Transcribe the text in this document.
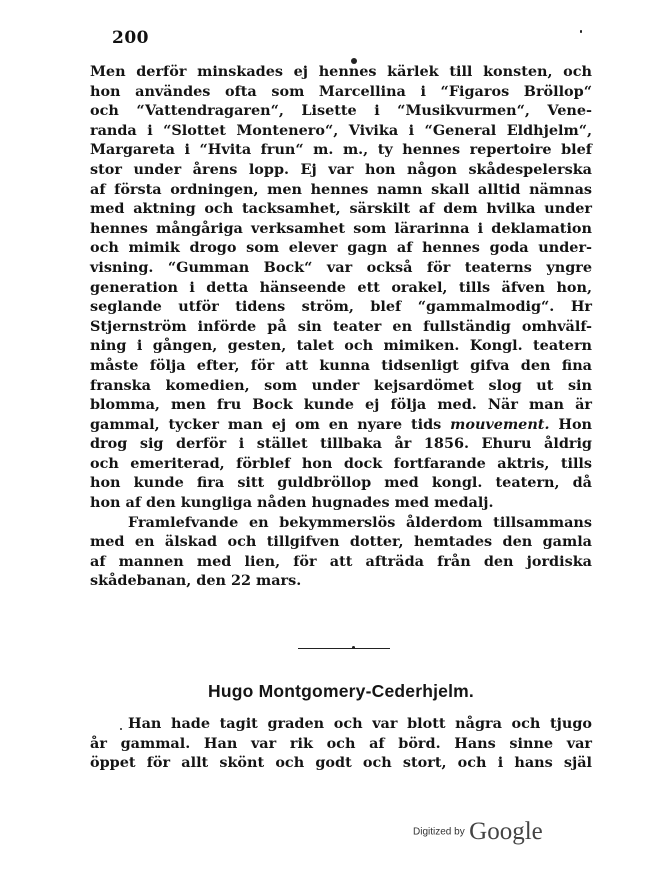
200
Men derför minskades ej hennes kärlek till konsten, och
hon användes ofta som Marcellina i “Figaros Bröllop“
och “Vattendragaren“, Lisette i “Musikvurmen“, Vene-
randa i “Slottet Montenero“, Vivika i “General Eldhjelm“,
Margareta i “Hvita frun“ m. m., ty hennes repertoire blef
stor under årens lopp. Ej var hon någon skådespelerska
af första ordningen, men hennes namn skall alltid nämnas
med aktning och tacksamhet, särskilt af dem hvilka under
hennes mångåriga verksamhet som lärarinna i deklamation
och mimik drogo som elever gagn af hennes goda under-
visning. “Gumman Bock“ var också för teaterns yngre
generation i detta hänseende ett orakel, tills äfven hon,
seglande utför tidens ström, blef “gammalmodig“. Hr
Stjernström införde på sin teater en fullständig omhvälf-
ning i gången, gesten, talet och mimiken. Kongl. teatern
måste följa efter, för att kunna tidsenligt gifva den fina
franska komedien, som under kejsardömet slog ut sin
blomma, men fru Bock kunde ej följa med. När man är
gammal, tycker man ej om en nyare tids mouvement. Hon
drog sig derför i stället tillbaka år 1856. Ehuru åldrig
och emeriterad, förblef hon dock fortfarande aktris, tills
hon kunde fira sitt guldbröllop med kongl. teatern, då
hon af den kungliga nåden hugnades med medalj.
Framlefvande en bekymmerslös ålderdom tillsammans
med en älskad och tillgifven dotter, hemtades den gamla
af mannen med lien, för att afträda från den jordiska
skådebanan, den 22 mars.
Hugo Montgomery-Cederhjelm.
Han hade tagit graden och var blott några och tjugo
år gammal. Han var rik och af börd. Hans sinne var
öppet för allt skönt och godt och stort, och i hans själ
Digitized by Google
